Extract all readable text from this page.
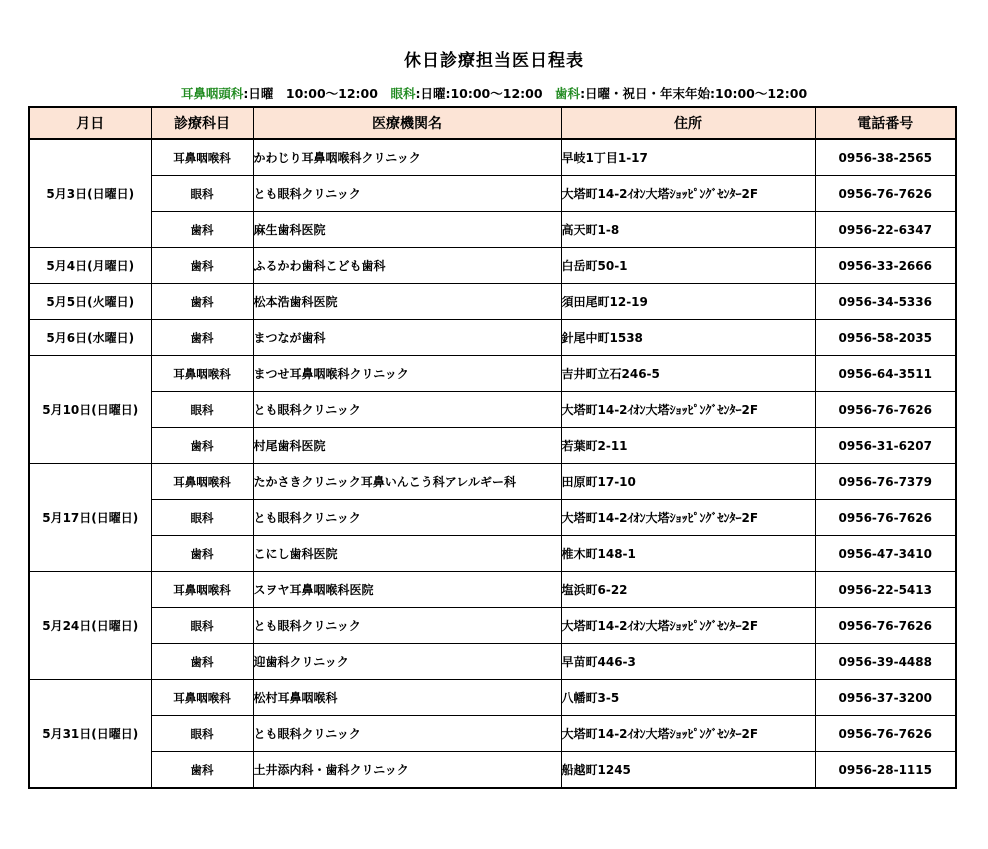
休日診療担当医日程表
耳鼻咽頭科:日曜　10:00～12:00　眼科:日曜:10:00～12:00　歯科:日曜・祝日・年末年始:10:00～12:00
月日	診療科目	医療機関名	住所	電話番号
5月3日(日曜日)	耳鼻咽喉科	かわじり耳鼻咽喉科クリニック	早岐1丁目1-17	0956-38-2565
	眼科	とも眼科クリニック	大塔町14-2ｲｵﾝ大塔ｼｮｯﾋﾟﾝｸﾞｾﾝﾀｰ2F	0956-76-7626
	歯科	麻生歯科医院	高天町1-8	0956-22-6347
5月4日(月曜日)	歯科	ふるかわ歯科こども歯科	白岳町50-1	0956-33-2666
5月5日(火曜日)	歯科	松本浩歯科医院	須田尾町12-19	0956-34-5336
5月6日(水曜日)	歯科	まつなが歯科	針尾中町1538	0956-58-2035
5月10日(日曜日)	耳鼻咽喉科	まつせ耳鼻咽喉科クリニック	吉井町立石246-5	0956-64-3511
	眼科	とも眼科クリニック	大塔町14-2ｲｵﾝ大塔ｼｮｯﾋﾟﾝｸﾞｾﾝﾀｰ2F	0956-76-7626
	歯科	村尾歯科医院	若葉町2-11	0956-31-6207
5月17日(日曜日)	耳鼻咽喉科	たかさきクリニック耳鼻いんこう科アレルギー科	田原町17-10	0956-76-7379
	眼科	とも眼科クリニック	大塔町14-2ｲｵﾝ大塔ｼｮｯﾋﾟﾝｸﾞｾﾝﾀｰ2F	0956-76-7626
	歯科	こにし歯科医院	椎木町148-1	0956-47-3410
5月24日(日曜日)	耳鼻咽喉科	スヲヤ耳鼻咽喉科医院	塩浜町6-22	0956-22-5413
	眼科	とも眼科クリニック	大塔町14-2ｲｵﾝ大塔ｼｮｯﾋﾟﾝｸﾞｾﾝﾀｰ2F	0956-76-7626
	歯科	迎歯科クリニック	早苗町446-3	0956-39-4488
5月31日(日曜日)	耳鼻咽喉科	松村耳鼻咽喉科	八幡町3-5	0956-37-3200
	眼科	とも眼科クリニック	大塔町14-2ｲｵﾝ大塔ｼｮｯﾋﾟﾝｸﾞｾﾝﾀｰ2F	0956-76-7626
	歯科	土井添内科・歯科クリニック	船越町1245	0956-28-1115
